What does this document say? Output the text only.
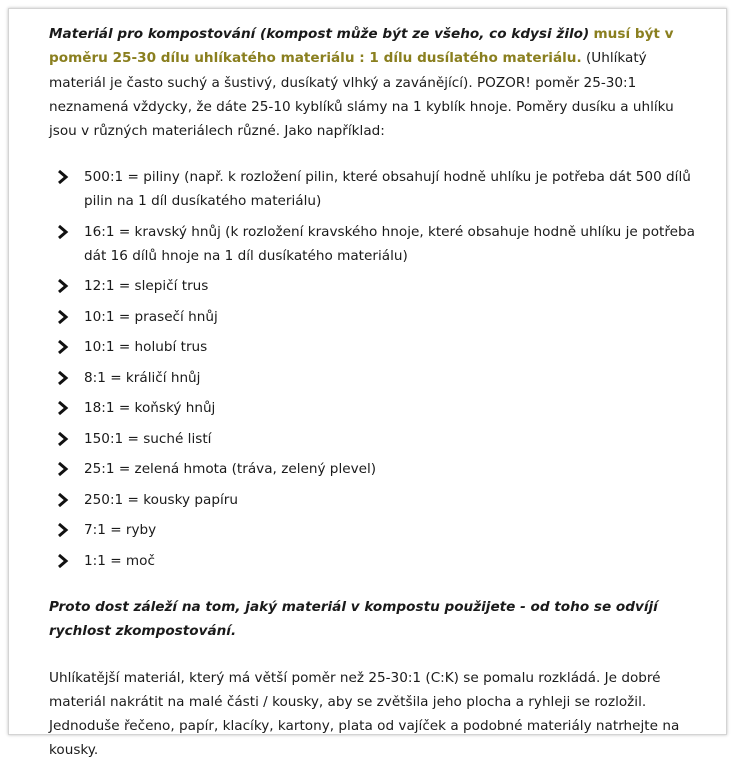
Materiál pro kompostování (kompost může být ze všeho, co kdysi žilo) musí být v poměru 25-30 dílu uhlíkatého materiálu : 1 dílu dusílatého materiálu. (Uhlíkatý materiál je často suchý a šustivý, dusíkatý vlhký a zavánějící). POZOR! poměr 25-30:1 neznamená vždycky, že dáte 25-10 kyblíků slámy na 1 kyblík hnoje. Poměry dusíku a uhlíku jsou v různých materiálech různé. Jako například:

500:1 = piliny (např. k rozložení pilin, které obsahují hodně uhlíku je potřeba dát 500 dílů pilin na 1 díl dusíkatého materiálu)
16:1 = kravský hnůj (k rozložení kravského hnoje, které obsahuje hodně uhlíku je potřeba dát 16 dílů hnoje na 1 díl dusíkatého materiálu)
12:1 = slepičí trus
10:1 = prasečí hnůj
10:1 = holubí trus
8:1 = králičí hnůj
18:1 = koňský hnůj
150:1 = suché listí
25:1 = zelená hmota (tráva, zelený plevel)
250:1 = kousky papíru
7:1 = ryby
1:1 = moč

Proto dost záleží na tom, jaký materiál v kompostu použijete - od toho se odvíjí rychlost zkompostování.

Uhlíkatější materiál, který má větší poměr než 25-30:1 (C:K) se pomalu rozkládá. Je dobré materiál nakrátit na malé části / kousky, aby se zvětšila jeho plocha a ryhleji se rozložil. Jednoduše řečeno, papír, klacíky, kartony, plata od vajíček a podobné materiály natrhejte na kousky.
